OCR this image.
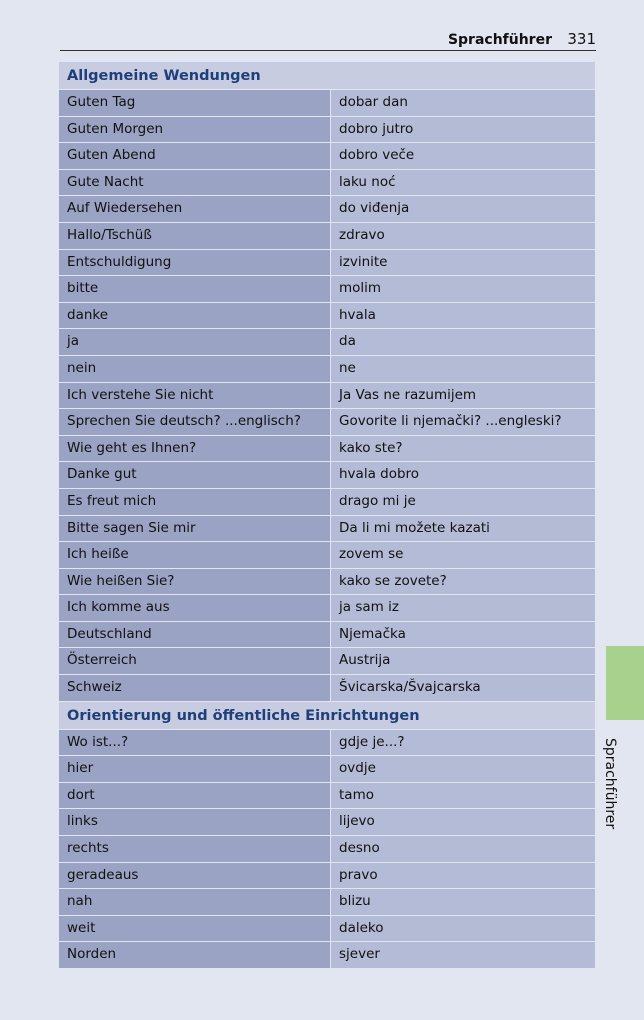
Sprachführer 331
Allgemeine Wendungen
Guten Tag	dobar dan
Guten Morgen	dobro jutro
Guten Abend	dobro veče
Gute Nacht	laku noć
Auf Wiedersehen	do viđenja
Hallo/Tschüß	zdravo
Entschuldigung	izvinite
bitte	molim
danke	hvala
ja	da
nein	ne
Ich verstehe Sie nicht	Ja Vas ne razumijem
Sprechen Sie deutsch? ...englisch?	Govorite li njemački? ...engleski?
Wie geht es Ihnen?	kako ste?
Danke gut	hvala dobro
Es freut mich	drago mi je
Bitte sagen Sie mir	Da li mi možete kazati
Ich heiße	zovem se
Wie heißen Sie?	kako se zovete?
Ich komme aus	ja sam iz
Deutschland	Njemačka
Österreich	Austrija
Schweiz	Švicarska/Švajcarska
Orientierung und öffentliche Einrichtungen
Wo ist...?	gdje je...?
hier	ovdje
dort	tamo
links	lijevo
rechts	desno
geradeaus	pravo
nah	blizu
weit	daleko
Norden	sjever
Sprachführer
